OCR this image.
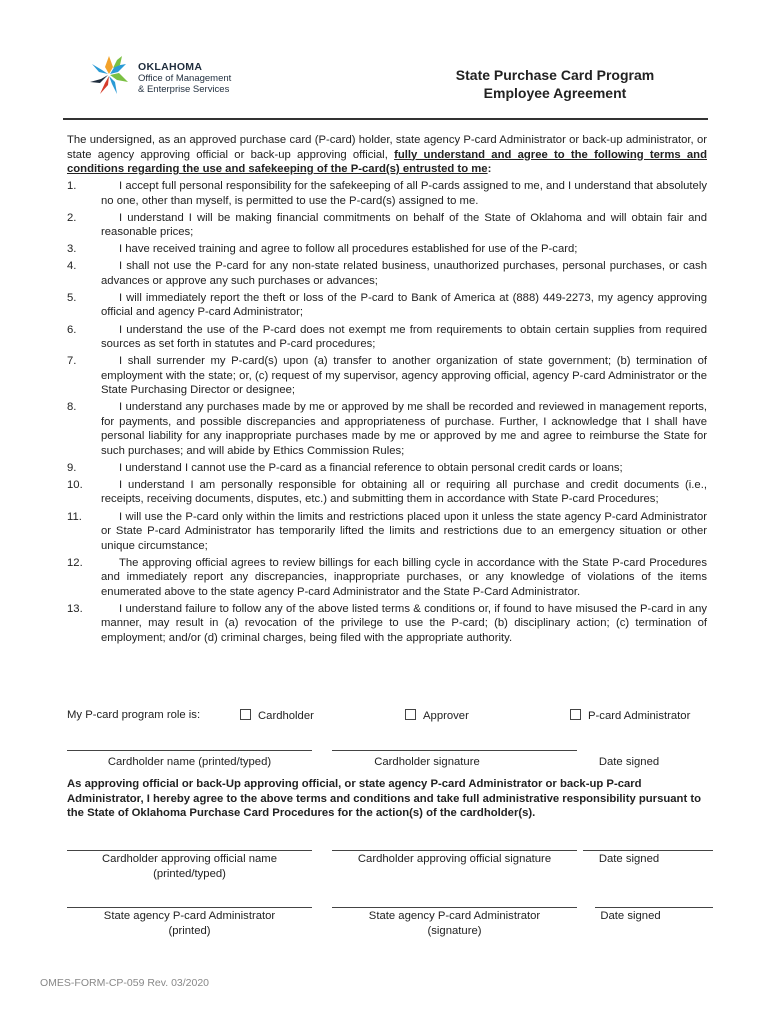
OKLAHOMA
Office of Management
& Enterprise Services
State Purchase Card Program
Employee Agreement

The undersigned, as an approved purchase card (P-card) holder, state agency P-card Administrator or back-up administrator, or state agency approving official or back-up approving official, fully understand and agree to the following terms and conditions regarding the use and safekeeping of the P-card(s) entrusted to me:

1.	I accept full personal responsibility for the safekeeping of all P-cards assigned to me, and I understand that absolutely no one, other than myself, is permitted to use the P-card(s) assigned to me.
2.	I understand I will be making financial commitments on behalf of the State of Oklahoma and will obtain fair and reasonable prices;
3.	I have received training and agree to follow all procedures established for use of the P-card;
4.	I shall not use the P-card for any non-state related business, unauthorized purchases, personal purchases, or cash advances or approve any such purchases or advances;
5.	I will immediately report the theft or loss of the P-card to Bank of America at (888) 449-2273, my agency approving official and agency P-card Administrator;
6.	I understand the use of the P-card does not exempt me from requirements to obtain certain supplies from required sources as set forth in statutes and P-card procedures;
7.	I shall surrender my P-card(s) upon (a) transfer to another organization of state government; (b) termination of employment with the state; or, (c) request of my supervisor, agency approving official, agency P-card Administrator or the State Purchasing Director or designee;
8.	I understand any purchases made by me or approved by me shall be recorded and reviewed in management reports, for payments, and possible discrepancies and appropriateness of purchase. Further, I acknowledge that I shall have personal liability for any inappropriate purchases made by me or approved by me and agree to reimburse the State for such purchases; and will abide by Ethics Commission Rules;
9.	I understand I cannot use the P-card as a financial reference to obtain personal credit cards or loans;
10.	I understand I am personally responsible for obtaining all or requiring all purchase and credit documents (i.e., receipts, receiving documents, disputes, etc.) and submitting them in accordance with State P-card Procedures;
11.	I will use the P-card only within the limits and restrictions placed upon it unless the state agency P-card Administrator or State P-card Administrator has temporarily lifted the limits and restrictions due to an emergency situation or other unique circumstance;
12.	The approving official agrees to review billings for each billing cycle in accordance with the State P-card Procedures and immediately report any discrepancies, inappropriate purchases, or any knowledge of violations of the items enumerated above to the state agency P-card Administrator and the State P-Card Administrator.
13.	I understand failure to follow any of the above listed terms & conditions or, if found to have misused the P-card in any manner, may result in (a) revocation of the privilege to use the P-card; (b) disciplinary action; (c) termination of employment; and/or (d) criminal charges, being filed with the appropriate authority.
My P-card program role is:	Cardholder	Approver	P-card Administrator
Cardholder name (printed/typed)	Cardholder signature	Date signed
As approving official or back-Up approving official, or state agency P-card Administrator or back-up P-card Administrator, I hereby agree to the above terms and conditions and take full administrative responsibility pursuant to the State of Oklahoma Purchase Card Procedures for the action(s) of the cardholder(s).
Cardholder approving official name
(printed/typed)
Cardholder approving official signature	Date signed
State agency P-card Administrator
(printed)
State agency P-card Administrator
(signature)
Date signed
OMES-FORM-CP-059 Rev. 03/2020
